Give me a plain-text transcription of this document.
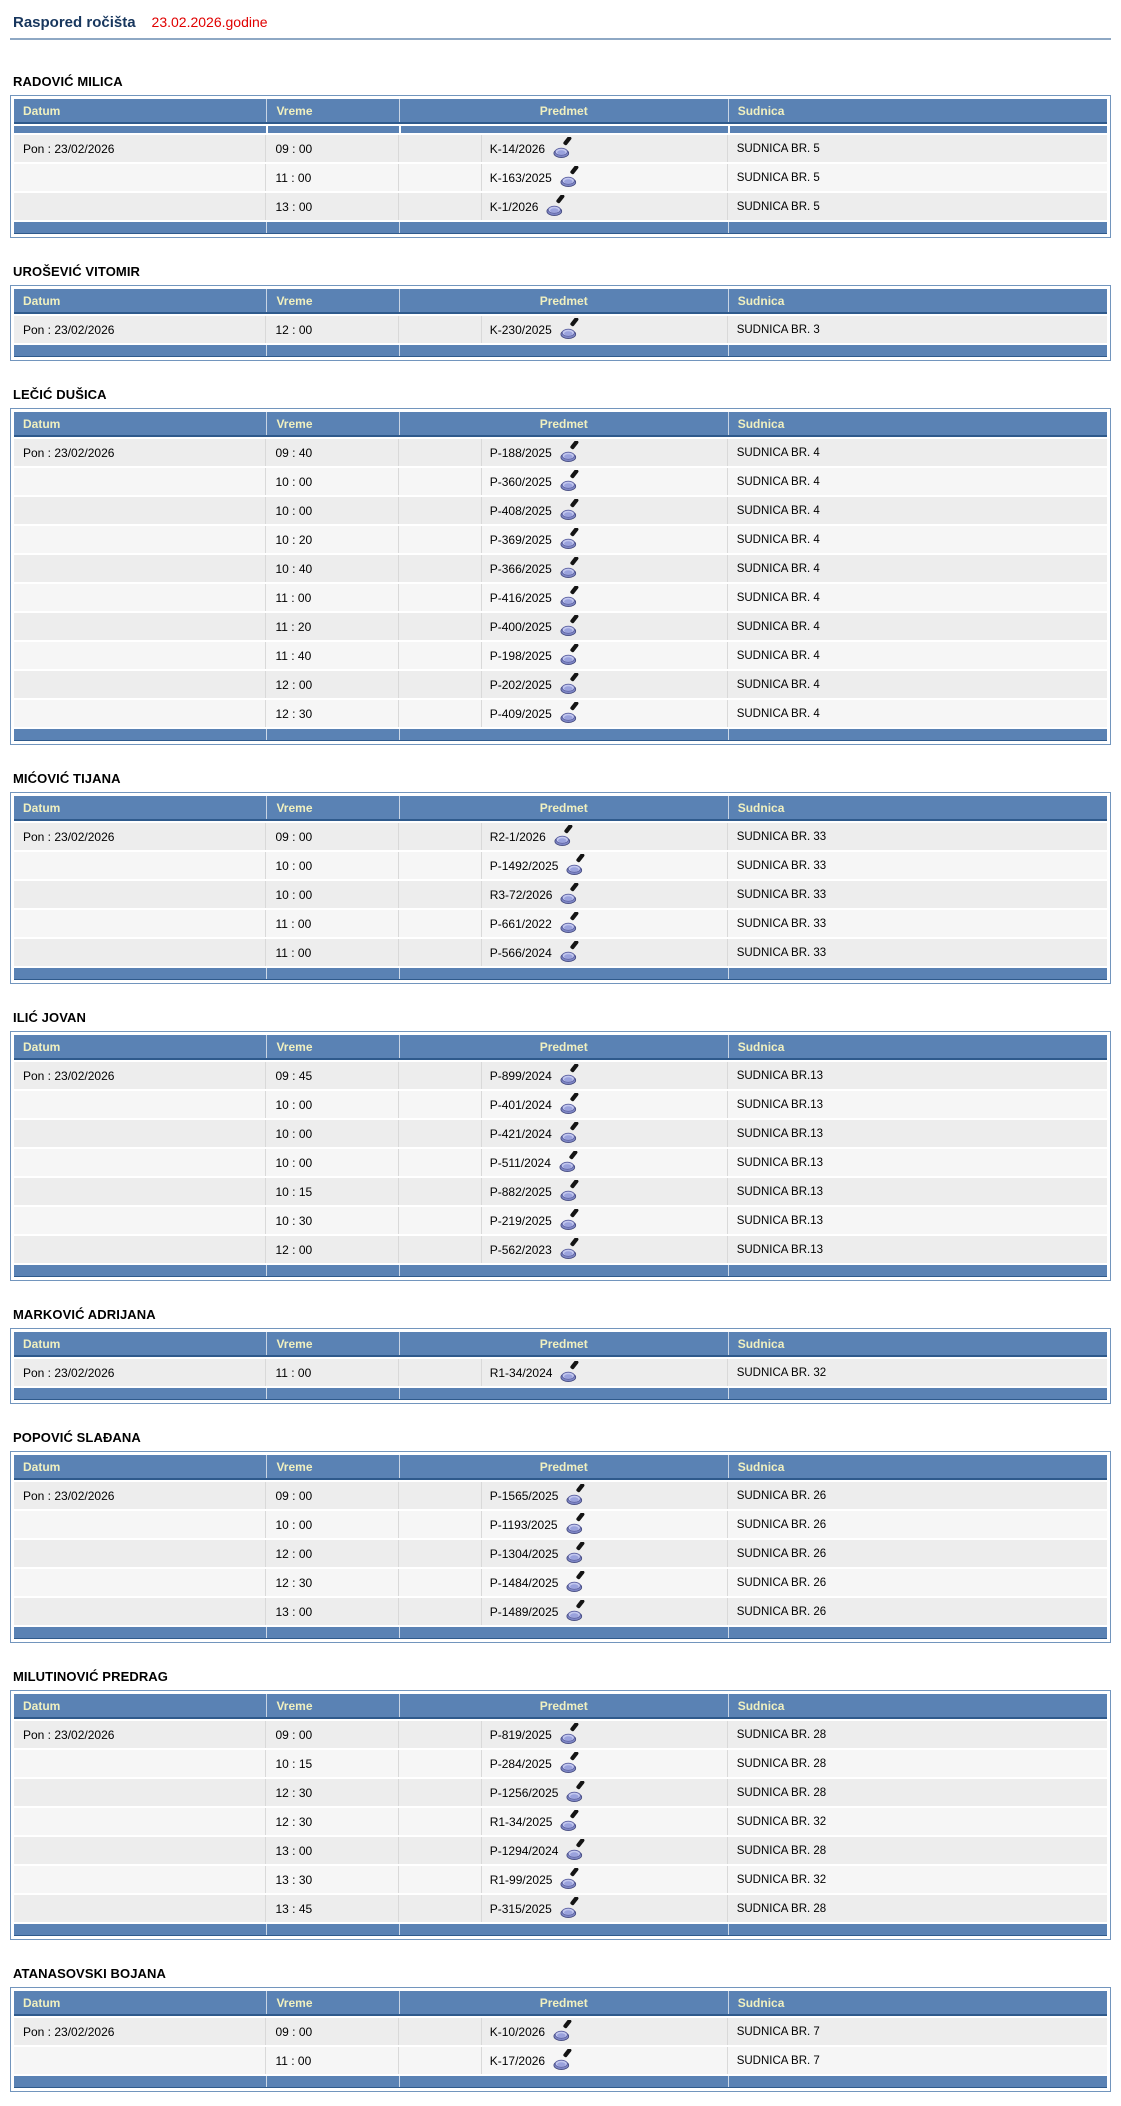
Raspored ročišta 23.02.2026.godine
RADOVIĆ MILICA
Datum	Vreme	Predmet	Sudnica
Pon : 23/02/2026	09 : 00	K-14/2026	SUDNICA BR. 5
11 : 00	K-163/2025	SUDNICA BR. 5
13 : 00	K-1/2026	SUDNICA BR. 5
UROŠEVIĆ VITOMIR
Datum	Vreme	Predmet	Sudnica
Pon : 23/02/2026	12 : 00	K-230/2025	SUDNICA BR. 3
LEČIĆ DUŠICA
Datum	Vreme	Predmet	Sudnica
Pon : 23/02/2026	09 : 40	P-188/2025	SUDNICA BR. 4
10 : 00	P-360/2025	SUDNICA BR. 4
10 : 00	P-408/2025	SUDNICA BR. 4
10 : 20	P-369/2025	SUDNICA BR. 4
10 : 40	P-366/2025	SUDNICA BR. 4
11 : 00	P-416/2025	SUDNICA BR. 4
11 : 20	P-400/2025	SUDNICA BR. 4
11 : 40	P-198/2025	SUDNICA BR. 4
12 : 00	P-202/2025	SUDNICA BR. 4
12 : 30	P-409/2025	SUDNICA BR. 4
MIĆOVIĆ TIJANA
Datum	Vreme	Predmet	Sudnica
Pon : 23/02/2026	09 : 00	R2-1/2026	SUDNICA BR. 33
10 : 00	P-1492/2025	SUDNICA BR. 33
10 : 00	R3-72/2026	SUDNICA BR. 33
11 : 00	P-661/2022	SUDNICA BR. 33
11 : 00	P-566/2024	SUDNICA BR. 33
ILIĆ JOVAN
Datum	Vreme	Predmet	Sudnica
Pon : 23/02/2026	09 : 45	P-899/2024	SUDNICA BR.13
10 : 00	P-401/2024	SUDNICA BR.13
10 : 00	P-421/2024	SUDNICA BR.13
10 : 00	P-511/2024	SUDNICA BR.13
10 : 15	P-882/2025	SUDNICA BR.13
10 : 30	P-219/2025	SUDNICA BR.13
12 : 00	P-562/2023	SUDNICA BR.13
MARKOVIĆ ADRIJANA
Datum	Vreme	Predmet	Sudnica
Pon : 23/02/2026	11 : 00	R1-34/2024	SUDNICA BR. 32
POPOVIĆ SLAĐANA
Datum	Vreme	Predmet	Sudnica
Pon : 23/02/2026	09 : 00	P-1565/2025	SUDNICA BR. 26
10 : 00	P-1193/2025	SUDNICA BR. 26
12 : 00	P-1304/2025	SUDNICA BR. 26
12 : 30	P-1484/2025	SUDNICA BR. 26
13 : 00	P-1489/2025	SUDNICA BR. 26
MILUTINOVIĆ PREDRAG
Datum	Vreme	Predmet	Sudnica
Pon : 23/02/2026	09 : 00	P-819/2025	SUDNICA BR. 28
10 : 15	P-284/2025	SUDNICA BR. 28
12 : 30	P-1256/2025	SUDNICA BR. 28
12 : 30	R1-34/2025	SUDNICA BR. 32
13 : 00	P-1294/2024	SUDNICA BR. 28
13 : 30	R1-99/2025	SUDNICA BR. 32
13 : 45	P-315/2025	SUDNICA BR. 28
ATANASOVSKI BOJANA
Datum	Vreme	Predmet	Sudnica
Pon : 23/02/2026	09 : 00	K-10/2026	SUDNICA BR. 7
11 : 00	K-17/2026	SUDNICA BR. 7
